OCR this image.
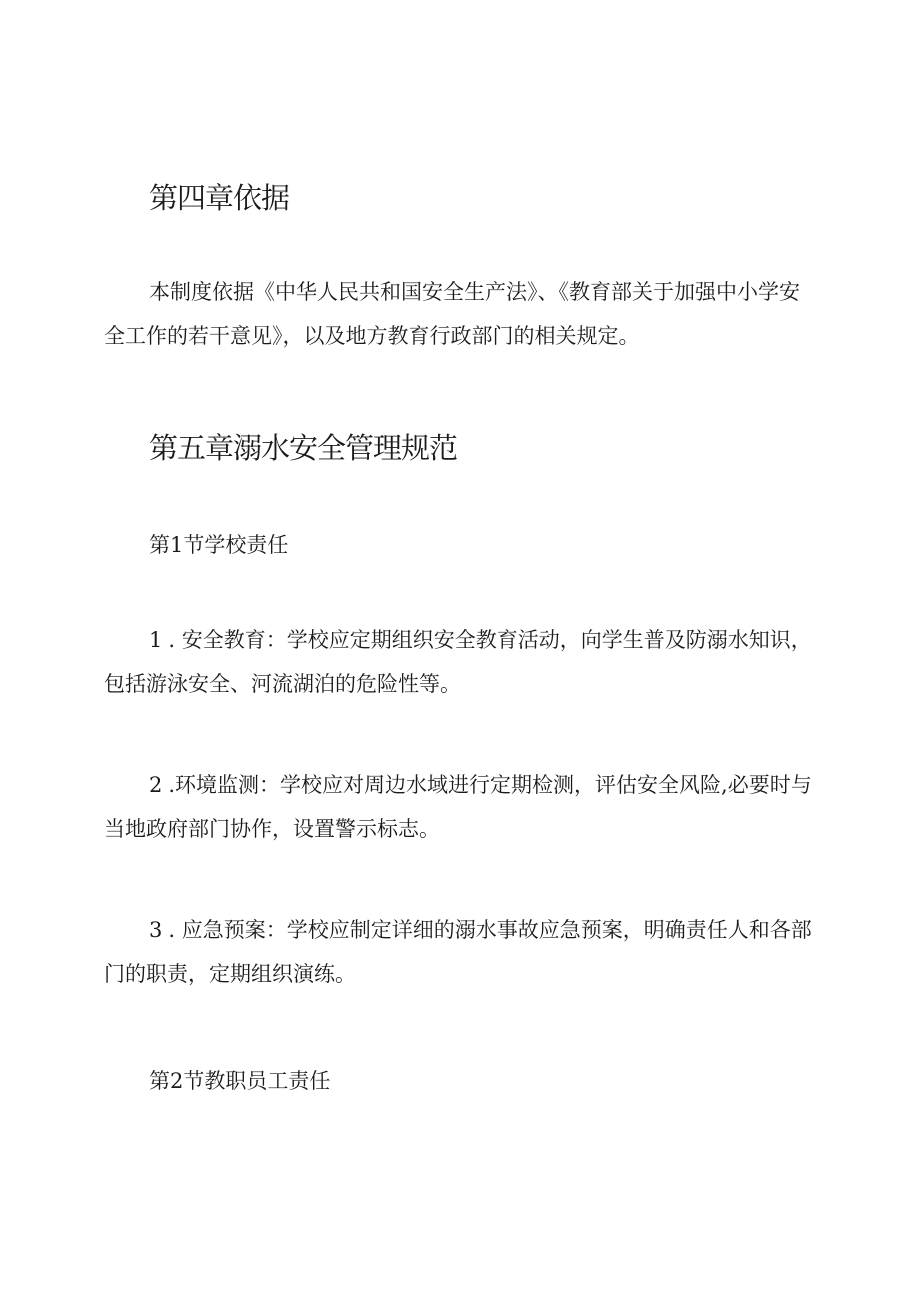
第四章依据

本制度依据《中华人民共和国安全生产法》、《教育部关于加强中小学安全工作的若干意见》，以及地方教育行政部门的相关规定。

第五章溺水安全管理规范
第1节学校责任

1 . 安全教育：学校应定期组织安全教育活动，向学生普及防溺水知识，包括游泳安全、河流湖泊的危险性等。

2 .环境监测：学校应对周边水域进行定期检测，评估安全风险,必要时与当地政府部门协作，设置警示标志。

3 . 应急预案：学校应制定详细的溺水事故应急预案，明确责任人和各部门的职责，定期组织演练。

第2节教职员工责任
